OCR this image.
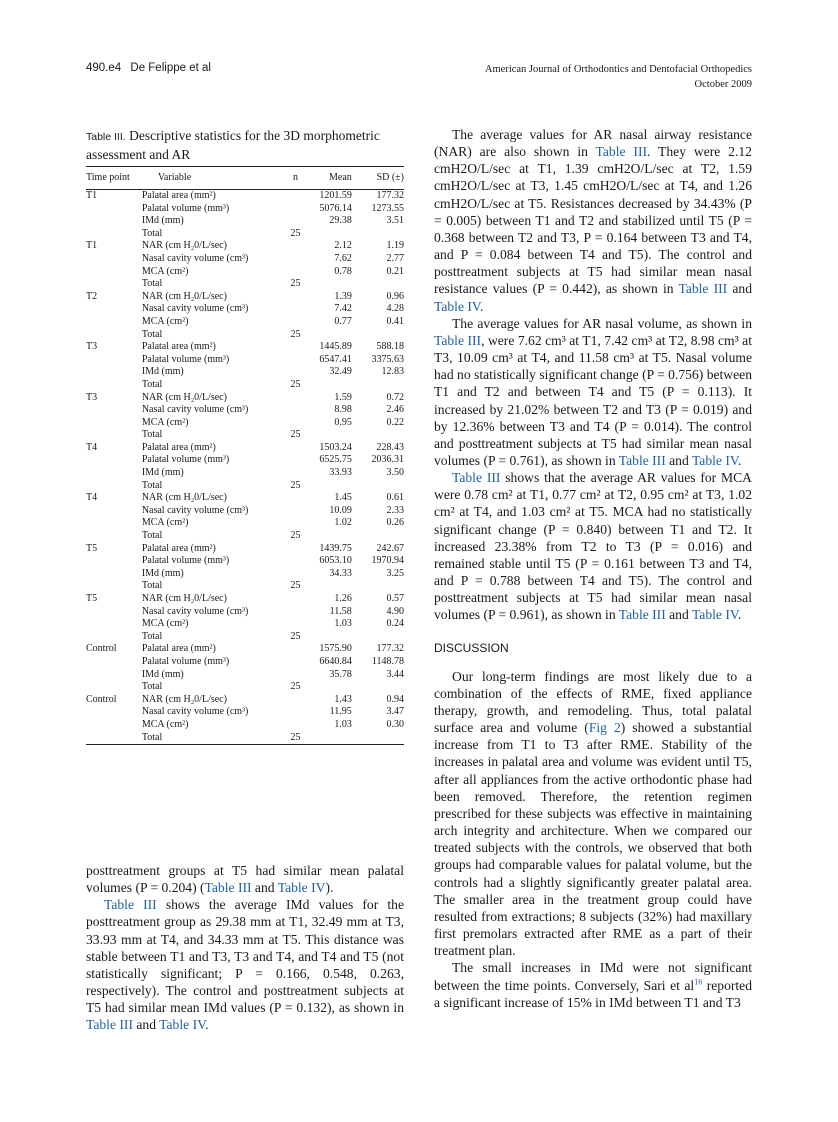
490.e4 De Felippe et al	American Journal of Orthodontics and Dentofacial Orthopedics
October 2009
Table III. Descriptive statistics for the 3D morphometric assessment and AR
Time point	Variable	n	Mean	SD (±)
T1	Palatal area (mm²)		1201.59	177.32
	Palatal volume (mm³)		5076.14	1273.55
	IMd (mm)		29.38	3.51
	Total	25		
T1	NAR (cm H₂0/L/sec)		2.12	1.19
	Nasal cavity volume (cm³)		7.62	2.77
	MCA (cm²)		0.78	0.21
	Total	25		
T2	NAR (cm H₂0/L/sec)		1.39	0.96
	Nasal cavity volume (cm³)		7.42	4.28
	MCA (cm²)		0.77	0.41
	Total	25		
T3	Palatal area (mm²)		1445.89	588.18
	Palatal volume (mm³)		6547.41	3375.63
	IMd (mm)		32.49	12.83
	Total	25		
T3	NAR (cm H₂0/L/sec)		1.59	0.72
	Nasal cavity volume (cm³)		8.98	2.46
	MCA (cm²)		0.95	0.22
	Total	25		
T4	Palatal area (mm²)		1503.24	228.43
	Palatal volume (mm³)		6525.75	2036.31
	IMd (mm)		33.93	3.50
	Total	25		
T4	NAR (cm H₂0/L/sec)		1.45	0.61
	Nasal cavity volume (cm³)		10.09	2.33
	MCA (cm²)		1.02	0.26
	Total	25		
T5	Palatal area (mm²)		1439.75	242.67
	Palatal volume (mm³)		6053.10	1970.94
	IMd (mm)		34.33	3.25
	Total	25		
T5	NAR (cm H₂0/L/sec)		1.26	0.57
	Nasal cavity volume (cm³)		11.58	4.90
	MCA (cm²)		1.03	0.24
	Total	25		
Control	Palatal area (mm²)		1575.90	177.32
	Palatal volume (mm³)		6640.84	1148.78
	IMd (mm)		35.78	3.44
	Total	25		
Control	NAR (cm H₂0/L/sec)		1.43	0.94
	Nasal cavity volume (cm³)		11.95	3.47
	MCA (cm²)		1.03	0.30
	Total	25		

posttreatment groups at T5 had similar mean palatal volumes (P = 0.204) (Table III and Table IV).

Table III shows the average IMd values for the posttreatment group as 29.38 mm at T1, 32.49 mm at T3, 33.93 mm at T4, and 34.33 mm at T5. This distance was stable between T1 and T3, T3 and T4, and T4 and T5 (not statistically significant; P = 0.166, 0.548, 0.263, respectively). The control and posttreatment subjects at T5 had similar mean IMd values (P = 0.132), as shown in Table III and Table IV.

The average values for AR nasal airway resistance (NAR) are also shown in Table III. They were 2.12 cmH2O/L/sec at T1, 1.39 cmH2O/L/sec at T2, 1.59 cmH2O/L/sec at T3, 1.45 cmH2O/L/sec at T4, and 1.26 cmH2O/L/sec at T5. Resistances decreased by 34.43% (P = 0.005) between T1 and T2 and stabilized until T5 (P = 0.368 between T2 and T3, P = 0.164 between T3 and T4, and P = 0.084 between T4 and T5). The control and posttreatment subjects at T5 had similar mean nasal resistance values (P = 0.442), as shown in Table III and Table IV.

The average values for AR nasal volume, as shown in Table III, were 7.62 cm³ at T1, 7.42 cm³ at T2, 8.98 cm³ at T3, 10.09 cm³ at T4, and 11.58 cm³ at T5. Nasal volume had no statistically significant change (P = 0.756) between T1 and T2 and between T4 and T5 (P = 0.113). It increased by 21.02% between T2 and T3 (P = 0.019) and by 12.36% between T3 and T4 (P = 0.014). The control and posttreatment subjects at T5 had similar mean nasal volumes (P = 0.761), as shown in Table III and Table IV.

Table III shows that the average AR values for MCA were 0.78 cm² at T1, 0.77 cm² at T2, 0.95 cm² at T3, 1.02 cm² at T4, and 1.03 cm² at T5. MCA had no statistically significant change (P = 0.840) between T1 and T2. It increased 23.38% from T2 to T3 (P = 0.016) and remained stable until T5 (P = 0.161 between T3 and T4, and P = 0.788 between T4 and T5). The control and posttreatment subjects at T5 had similar mean nasal volumes (P = 0.961), as shown in Table III and Table IV.

DISCUSSION

Our long-term findings are most likely due to a combination of the effects of RME, fixed appliance therapy, growth, and remodeling. Thus, total palatal surface area and volume (Fig 2) showed a substantial increase from T1 to T3 after RME. Stability of the increases in palatal area and volume was evident until T5, after all appliances from the active orthodontic phase had been removed. Therefore, the retention regimen prescribed for these subjects was effective in maintaining arch integrity and architecture. When we compared our treated subjects with the controls, we observed that both groups had comparable values for palatal volume, but the controls had a slightly significantly greater palatal area. The smaller area in the treatment group could have resulted from extractions; 8 subjects (32%) had maxillary first premolars extracted after RME as a part of their treatment plan.

The small increases in IMd were not significant between the time points. Conversely, Sari et al$^{16}$ reported a significant increase of 15% in IMd between T1 and T3
